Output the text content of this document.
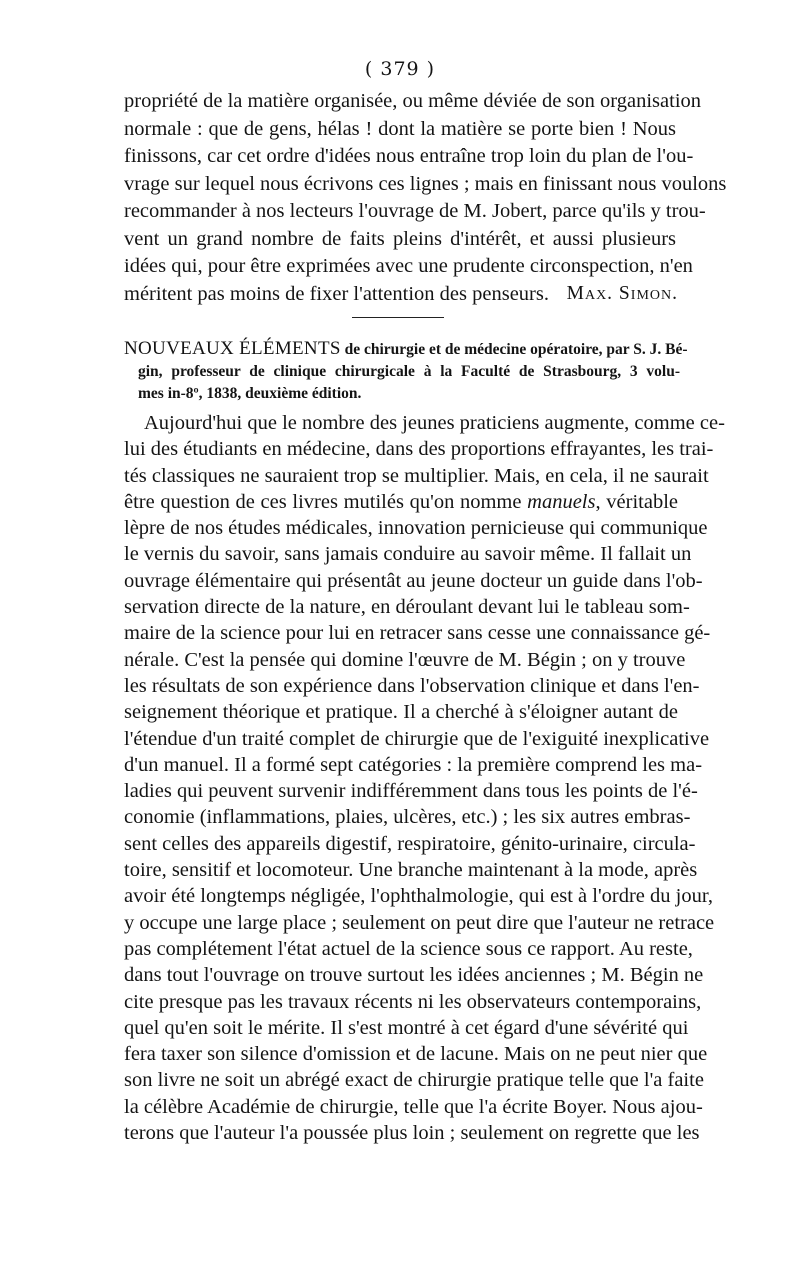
( 379 )
propriété de la matière organisée, ou même déviée de son organisation
normale : que de gens, hélas ! dont la matière se porte bien ! Nous
finissons, car cet ordre d'idées nous entraîne trop loin du plan de l'ou-
vrage sur lequel nous écrivons ces lignes ; mais en finissant nous voulons
recommander à nos lecteurs l'ouvrage de M. Jobert, parce qu'ils y trou-
vent un grand nombre de faits pleins d'intérêt, et aussi plusieurs
idées qui, pour être exprimées avec une prudente circonspection, n'en
méritent pas moins de fixer l'attention des penseurs. Max. Simon.
NOUVEAUX ÉLÉMENTS de chirurgie et de médecine opératoire, par S. J. Bé-
gin, professeur de clinique chirurgicale à la Faculté de Strasbourg, 3 volu-
mes in-8º, 1838, deuxième édition.
Aujourd'hui que le nombre des jeunes praticiens augmente, comme ce-
lui des étudiants en médecine, dans des proportions effrayantes, les trai-
tés classiques ne sauraient trop se multiplier. Mais, en cela, il ne saurait
être question de ces livres mutilés qu'on nomme manuels, véritable
lèpre de nos études médicales, innovation pernicieuse qui communique
le vernis du savoir, sans jamais conduire au savoir même. Il fallait un
ouvrage élémentaire qui présentât au jeune docteur un guide dans l'ob-
servation directe de la nature, en déroulant devant lui le tableau som-
maire de la science pour lui en retracer sans cesse une connaissance gé-
nérale. C'est la pensée qui domine l'œuvre de M. Bégin ; on y trouve
les résultats de son expérience dans l'observation clinique et dans l'en-
seignement théorique et pratique. Il a cherché à s'éloigner autant de
l'étendue d'un traité complet de chirurgie que de l'exiguité inexplicative
d'un manuel. Il a formé sept catégories : la première comprend les ma-
ladies qui peuvent survenir indifféremment dans tous les points de l'é-
conomie (inflammations, plaies, ulcères, etc.) ; les six autres embras-
sent celles des appareils digestif, respiratoire, génito-urinaire, circula-
toire, sensitif et locomoteur. Une branche maintenant à la mode, après
avoir été longtemps négligée, l'ophthalmologie, qui est à l'ordre du jour,
y occupe une large place ; seulement on peut dire que l'auteur ne retrace
pas complétement l'état actuel de la science sous ce rapport. Au reste,
dans tout l'ouvrage on trouve surtout les idées anciennes ; M. Bégin ne
cite presque pas les travaux récents ni les observateurs contemporains,
quel qu'en soit le mérite. Il s'est montré à cet égard d'une sévérité qui
fera taxer son silence d'omission et de lacune. Mais on ne peut nier que
son livre ne soit un abrégé exact de chirurgie pratique telle que l'a faite
la célèbre Académie de chirurgie, telle que l'a écrite Boyer. Nous ajou-
terons que l'auteur l'a poussée plus loin ; seulement on regrette que les
